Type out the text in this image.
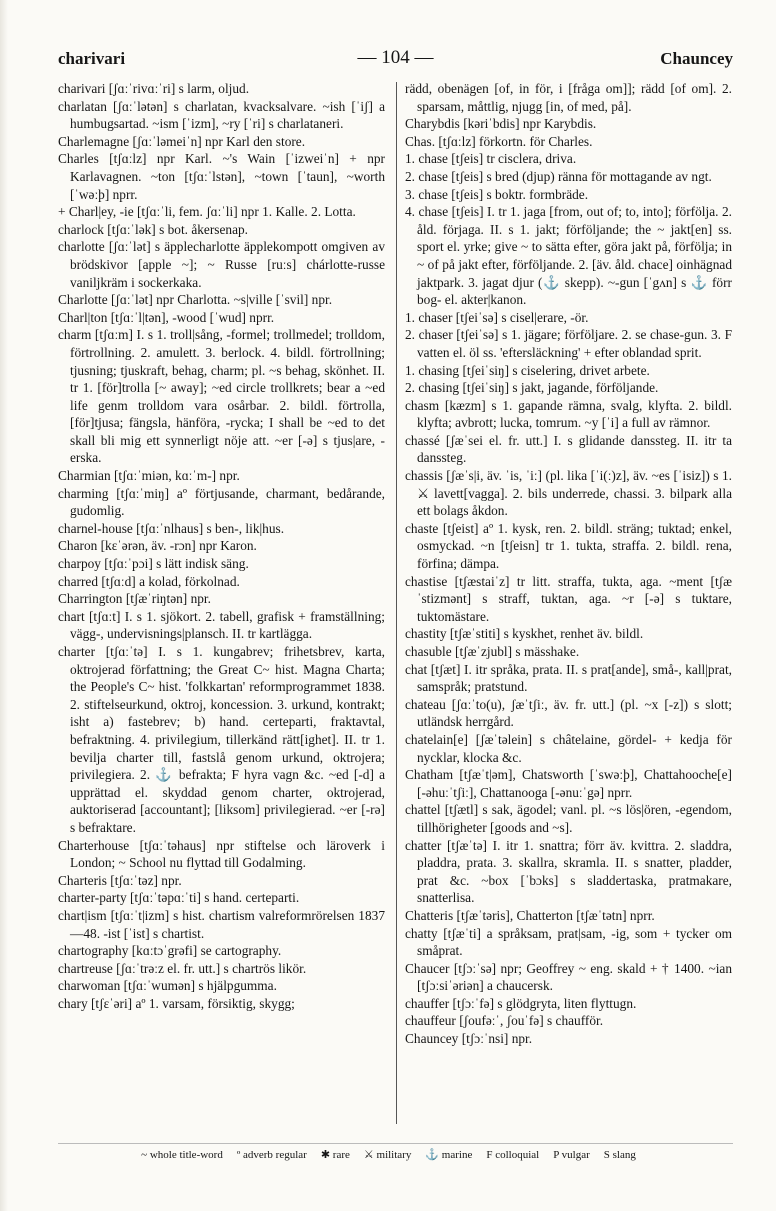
charivari	— 104 —	Chauncey

charivari [ʃɑːˈrivɑːˈri] s larm, oljud.

charlatan [ʃɑːˈlətən] s charlatan, kvacksalvare. ~ish [ˈiʃ] a humbugsartad. ~ism [ˈizm], ~ry [ˈri] s charlataneri.

Charlemagne [ʃɑːˈləmeiˈn] npr Karl den store.

Charles [tʃɑːlz] npr Karl. ~'s Wain [ˈizweiˈn] + npr Karlavagnen. ~ton [tʃɑːˈlstən], ~town [ˈtaun], ~worth [ˈwəːþ] nprr.

+ Charl|ey, -ie [tʃɑːˈli, fem. ʃɑːˈli] npr 1. Kalle. 2. Lotta.

charlock [tʃɑːˈlək] s bot. åkersenap.

charlotte [ʃɑːˈlət] s äpplecharlotte äpplekompott omgiven av brödskivor [apple ~]; ~ Russe [ruːs] chárlotte-russe vaniljkräm i sockerkaka.

Charlotte [ʃɑːˈlət] npr Charlotta. ~s|ville [ˈsvil] npr.

Charl|ton [tʃɑːˈl|tən], -wood [ˈwud] nprr.

charm [tʃɑːm] I. s 1. troll|sång, -formel; trollmedel; trolldom, förtrollning. 2. amulett. 3. berlock. 4. bildl. förtrollning; tjusning; tjuskraft, behag, charm; pl. ~s behag, skönhet. II. tr 1. [för]trolla [~ away]; ~ed circle trollkrets; bear a ~ed life genm trolldom vara osårbar. 2. bildl. förtrolla, [för]tjusa; fängsla, hänföra, -rycka; I shall be ~ed to det skall bli mig ett synnerligt nöje att. ~er [-ə] s tjus|are, -erska.

Charmian [tʃɑːˈmiən, kɑːˈm-] npr.

charming [tʃɑːˈmiŋ] aº förtjusande, charmant, bedårande, gudomlig.

charnel-house [tʃɑːˈnlhaus] s ben-, lik|hus.

Charon [kεˈərən, äv. -rɔn] npr Karon.

charpoy [tʃɑːˈpɔi] s lätt indisk säng.

charred [tʃɑːd] a kolad, förkolnad.

Charrington [tʃæˈriŋtən] npr.

chart [tʃɑːt] I. s 1. sjökort. 2. tabell, grafisk + framställning; vägg-, undervisnings|plansch. II. tr kartlägga.

charter [tʃɑːˈtə] I. s 1. kungabrev; frihetsbrev, karta, oktrojerad författning; the Great C~ hist. Magna Charta; the People's C~ hist. 'folkkartan' reformprogrammet 1838. 2. stiftelseurkund, oktroj, koncession. 3. urkund, kontrakt; isht a) fastebrev; b) hand. certeparti, fraktavtal, befraktning. 4. privilegium, tillerkänd rätt[ighet]. II. tr 1. bevilja charter till, fastslå genom urkund, oktrojera; privilegiera. 2. ⚓ befrakta; F hyra vagn &c. ~ed [-d] a upprättad el. skyddad genom charter, oktrojerad, auktoriserad [accountant]; [liksom] privilegierad. ~er [-rə] s befraktare.

Charterhouse [tʃɑːˈtəhaus] npr stiftelse och läroverk i London; ~ School nu flyttad till Godalming.

Charteris [tʃɑːˈtəz] npr.

charter-party [tʃɑːˈtəpɑːˈti] s hand. certeparti.

chart|ism [tʃɑːˈt|izm] s hist. chartism valreformrörelsen 1837—48. -ist [ˈist] s chartist.

chartography [kɑːtɔˈgrəfi] se cartography.

chartreuse [ʃɑːˈtrəːz el. fr. utt.] s chartrös likör.

charwoman [tʃɑːˈwumən] s hjälpgumma.

chary [tʃεˈəri] aº 1. varsam, försiktig, skygg;

rädd, obenägen [of, in för, i [fråga om]]; rädd [of om]. 2. sparsam, måttlig, njugg [in, of med, på].

Charybdis [kəriˈbdis] npr Karybdis.

Chas. [tʃɑːlz] förkortn. för Charles.

1. chase [tʃeis] tr cisclera, driva.

2. chase [tʃeis] s bred (djup) ränna för mottagande av ngt.

3. chase [tʃeis] s boktr. formbräde.

4. chase [tʃeis] I. tr 1. jaga [from, out of; to, into]; förfölja. 2. åld. förjaga. II. s 1. jakt; förföljande; the ~ jakt[en] ss. sport el. yrke; give ~ to sätta efter, göra jakt på, förfölja; in ~ of på jakt efter, förföljande. 2. [äv. åld. chace] oinhägnad jaktpark. 3. jagat djur (⚓ skepp). ~-gun [ˈgʌn] s ⚓ förr bog- el. akter|kanon.

1. chaser [tʃeiˈsə] s cisel|erare, -ör.

2. chaser [tʃeiˈsə] s 1. jägare; förföljare. 2. se chase-gun. 3. F vatten el. öl ss. 'eftersläckning' + efter oblandad sprit.

1. chasing [tʃeiˈsiŋ] s ciselering, drivet arbete.

2. chasing [tʃeiˈsiŋ] s jakt, jagande, förföljande.

chasm [kæzm] s 1. gapande rämna, svalg, klyfta. 2. bildl. klyfta; avbrott; lucka, tomrum. ~y [ˈi] a full av rämnor.

chassé [ʃæˈsei el. fr. utt.] I. s glidande danssteg. II. itr ta danssteg.

chassis [ʃæˈs|i, äv. ˈis, ˈiː] (pl. lika [ˈi(ː)z], äv. ~es [ˈisiz]) s 1. ⚔ lavett[vagga]. 2. bils underrede, chassi. 3. bilpark alla ett bolags åkdon.

chaste [tʃeist] aº 1. kysk, ren. 2. bildl. sträng; tuktad; enkel, osmyckad. ~n [tʃeisn] tr 1. tukta, straffa. 2. bildl. rena, förfina; dämpa.

chastise [tʃæstaiˈz] tr litt. straffa, tukta, aga. ~ment [tʃæˈstizmənt] s straff, tuktan, aga. ~r [-ə] s tuktare, tuktomästare.

chastity [tʃæˈstiti] s kyskhet, renhet äv. bildl.

chasuble [tʃæˈzjubl] s mässhake.

chat [tʃæt] I. itr språka, prata. II. s prat[ande], små-, kall|prat, samspråk; pratstund.

chateau [ʃɑːˈto(u), ʃæˈtʃiː, äv. fr. utt.] (pl. ~x [-z]) s slott; utländsk herrgård.

chatelain[e] [ʃæˈtəlein] s châtelaine, gördel- + kedja för nycklar, klocka &c.

Chatham [tʃæˈt|əm], Chatsworth [ˈswəːþ], Chattahooche[e] [-əhuːˈtʃiː], Chattanooga [-ənuːˈgə] nprr.

chattel [tʃætl] s sak, ägodel; vanl. pl. ~s lös|ören, -egendom, tillhörigheter [goods and ~s].

chatter [tʃæˈtə] I. itr 1. snattra; förr äv. kvittra. 2. sladdra, pladdra, prata. 3. skallra, skramla. II. s snatter, pladder, prat &c. ~box [ˈbɔks] s sladdertaska, pratmakare, snatterlisa.

Chatteris [tʃæˈtəris], Chatterton [tʃæˈtətn] nprr.

chatty [tʃæˈti] a språksam, prat|sam, -ig, som + tycker om småprat.

Chaucer [tʃɔːˈsə] npr; Geoffrey ~ eng. skald + † 1400. ~ian [tʃɔːsiˈəriən] a chaucersk.

chauffer [tʃɔːˈfə] s glödgryta, liten flyttugn.

chauffeur [ʃoufəːˈ, ʃouˈfə] s chaufför.

Chauncey [tʃɔːˈnsi] npr.

~ whole title-word º adverb regular ✱ rare ⚔ military ⚓ marine F colloquial P vulgar S slang
